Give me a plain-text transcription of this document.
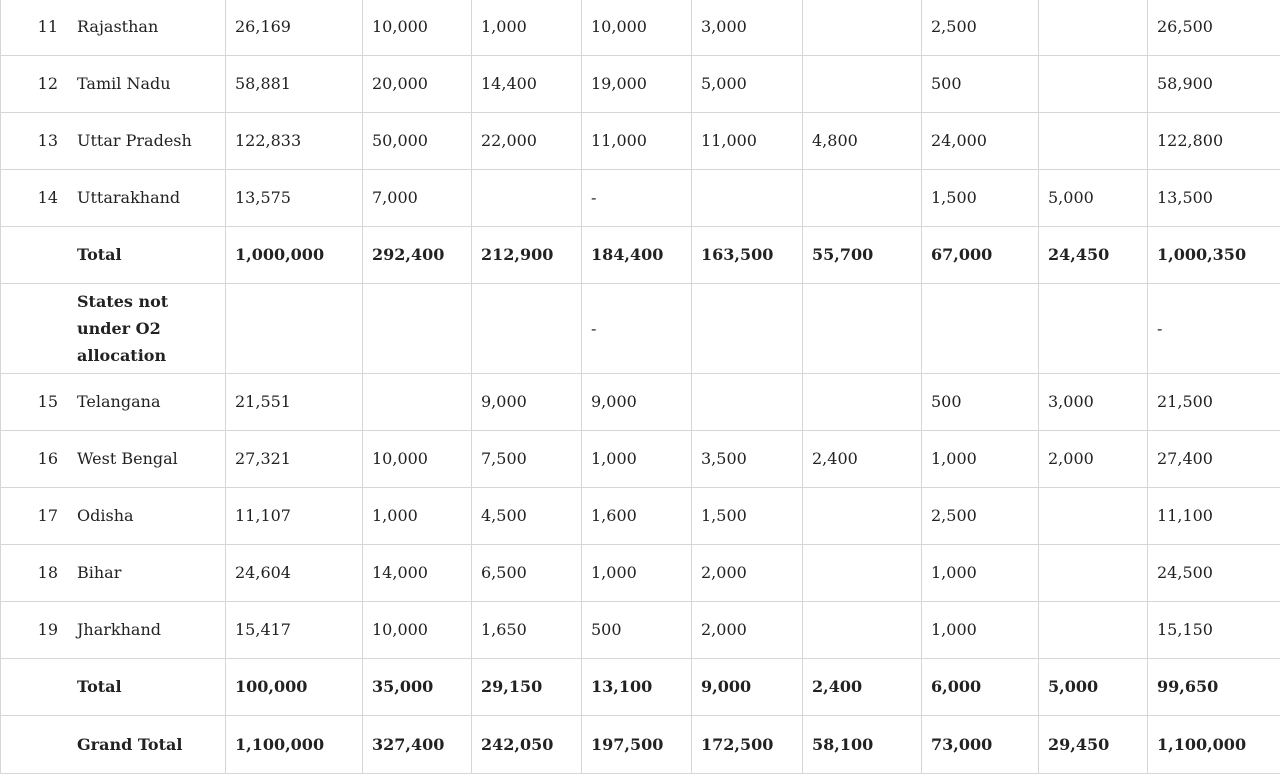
11	Rajasthan	26,169	10,000	1,000	10,000	3,000		2,500		26,500
12	Tamil Nadu	58,881	20,000	14,400	19,000	5,000		500		58,900
13	Uttar Pradesh	122,833	50,000	22,000	11,000	11,000	4,800	24,000		122,800
14	Uttarakhand	13,575	7,000		-			1,500	5,000	13,500
	Total	1,000,000	292,400	212,900	184,400	163,500	55,700	67,000	24,450	1,000,350
	States not under O2 allocation				-					-
15	Telangana	21,551		9,000	9,000			500	3,000	21,500
16	West Bengal	27,321	10,000	7,500	1,000	3,500	2,400	1,000	2,000	27,400
17	Odisha	11,107	1,000	4,500	1,600	1,500		2,500		11,100
18	Bihar	24,604	14,000	6,500	1,000	2,000		1,000		24,500
19	Jharkhand	15,417	10,000	1,650	500	2,000		1,000		15,150
	Total	100,000	35,000	29,150	13,100	9,000	2,400	6,000	5,000	99,650
	Grand Total	1,100,000	327,400	242,050	197,500	172,500	58,100	73,000	29,450	1,100,000
